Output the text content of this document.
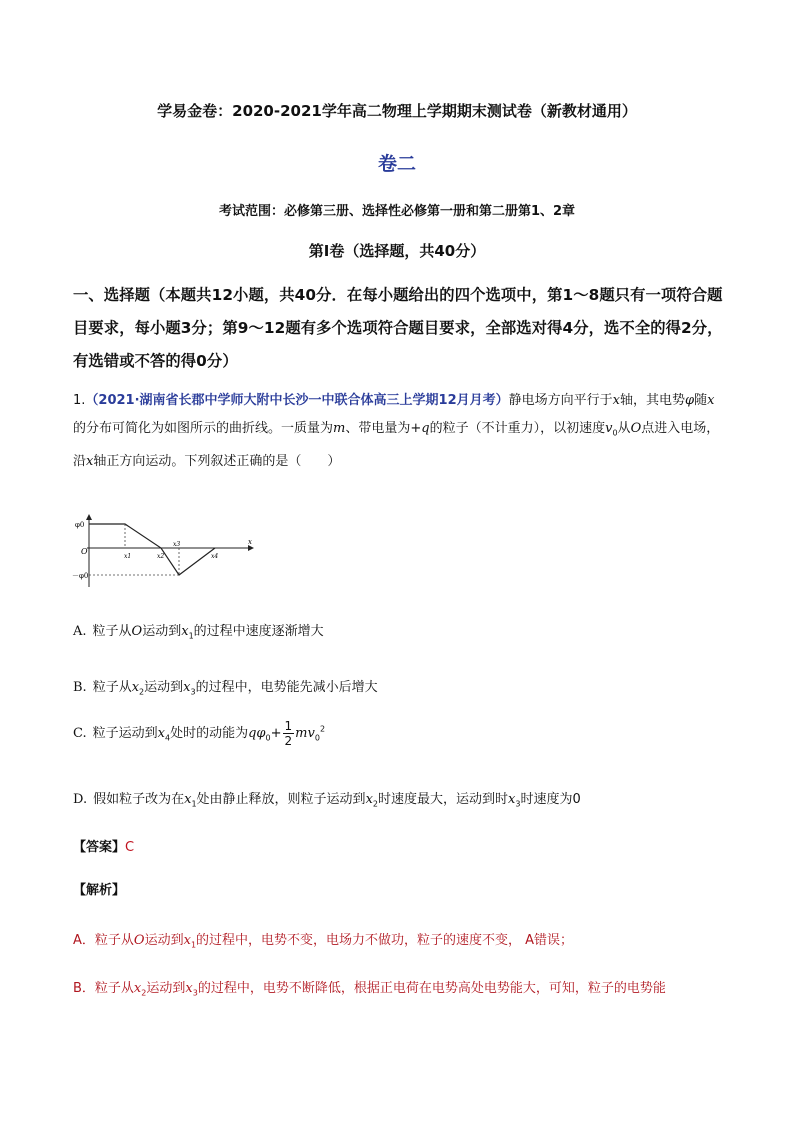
学易金卷：2020-2021学年高二物理上学期期末测试卷（新教材通用）
卷二
考试范围：必修第三册、选择性必修第一册和第二册第1、2章
第Ⅰ卷（选择题，共40分）
一、选择题（本题共12小题，共40分．在每小题给出的四个选项中，第1～8题只有一项符合题目要求，每小题3分；第9～12题有多个选项符合题目要求，全部选对得4分，选不全的得2分，有选错或不答的得0分）
1.（2021·湖南省长郡中学师大附中长沙一中联合体高三上学期12月月考）静电场方向平行于x轴，其电势φ随x的分布可简化为如图所示的曲折线。一质量为m、带电量为+q的粒子（不计重力），以初速度$v_0$从O点进入电场，沿x轴正方向运动。下列叙述正确的是（　　）
φ0
O
x
x1	x2
x3
x4
－φ0
A. 粒子从O运动到$x_1$的过程中速度逐渐增大
B. 粒子从$x_2$运动到$x_3$的过程中，电势能先减小后增大
C. 粒子运动到$x_4$处时的动能为$q\varphi_0+ \frac{1}{2} mv_0^2$
D. 假如粒子改为在$x_1$处由静止释放，则粒子运动到$x_2$时速度最大，运动到时$x_3$时速度为0
【答案】C
【解析】
A．粒子从O运动到$x_1$的过程中，电势不变，电场力不做功，粒子的速度不变， A错误；
B．粒子从$x_2$运动到$x_3$的过程中，电势不断降低，根据正电荷在电势高处电势能大，可知，粒子的电势能
